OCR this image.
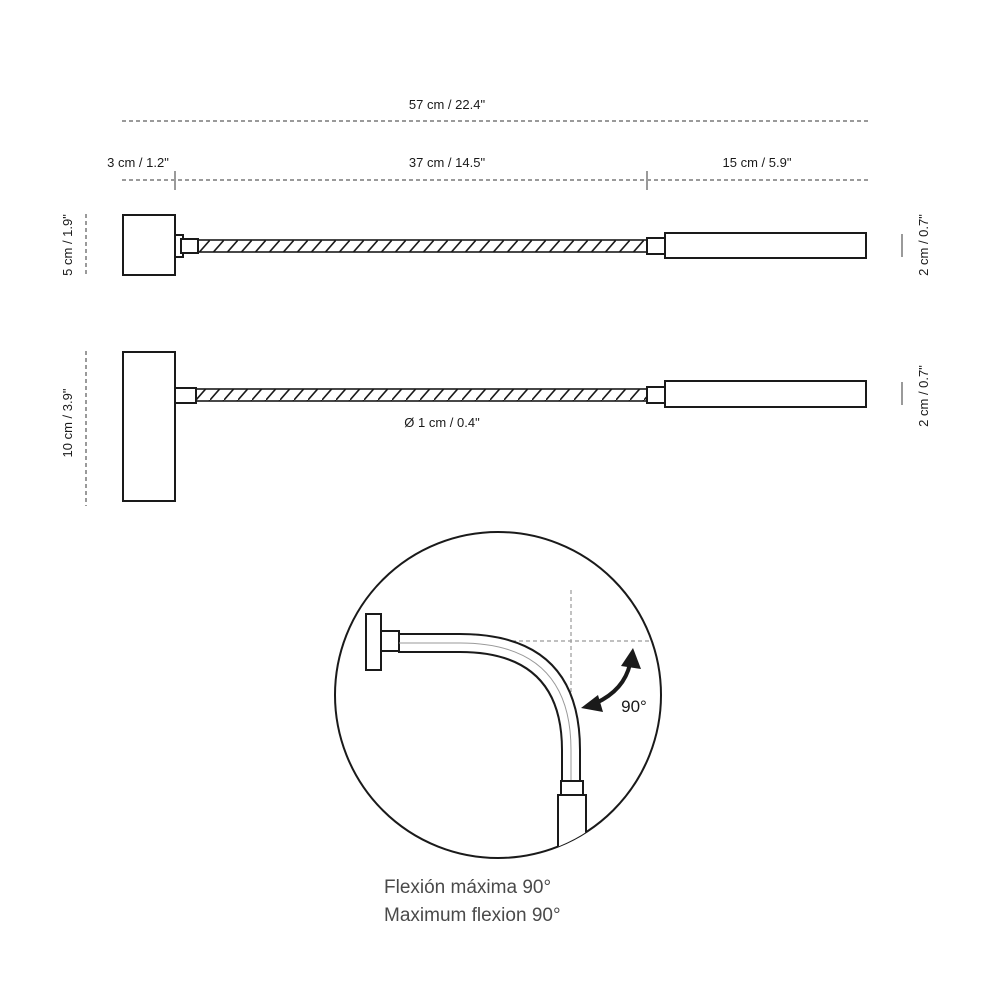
57 cm / 22.4"
3 cm / 1.2"	37 cm / 14.5"	15 cm / 5.9"
5 cm / 1.9"	2 cm / 0.7"
Ø 1 cm / 0.4"
10 cm / 3.9"	2 cm / 0.7"
90°
Flexión máxima 90°
Maximum flexion 90°
